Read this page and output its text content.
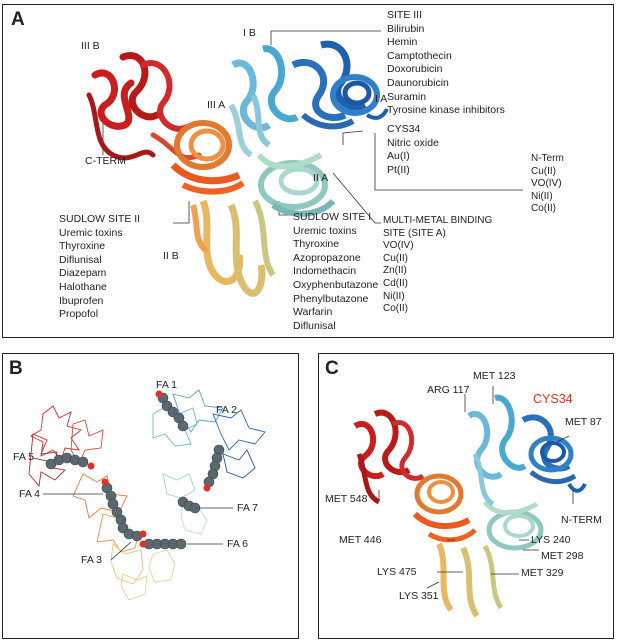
A
III B
I B
III A	I A
II A
II B
C-TERM
SITE III
Bilirubin
Hemin
Camptothecin
Doxorubicin
Daunorubicin
Suramin
Tyrosine kinase inhibitors
CYS34
Nitric oxide
Au(I)
Pt(II)
N-Term
Cu(II)
VO(IV)
Ni(II)
Co(II)
SUDLOW SITE II
Uremic toxins
Thyroxine
Diflunisal
Diazepam
Halothane
Ibuprofen
Propofol
SUDLOW SITE I
Uremic toxins
Thyroxine
Azopropazone
Indomethacin
Oxyphenbutazone
Phenylbutazone
Warfarin
Diflunisal
MULTI-METAL BINDING
SITE (SITE A)
VO(IV)
Cu(II)
Zn(II)
Cd(II)
Ni(II)
Co(II)
B
FA 1
FA 2
FA 5
FA 4
FA 7
FA 6
FA 3
C
ARG 117
MET 123
CYS34
MET 87
MET 548
N-TERM
MET 446	LYS 240
MET 298
LYS 475	MET 329
LYS 351
